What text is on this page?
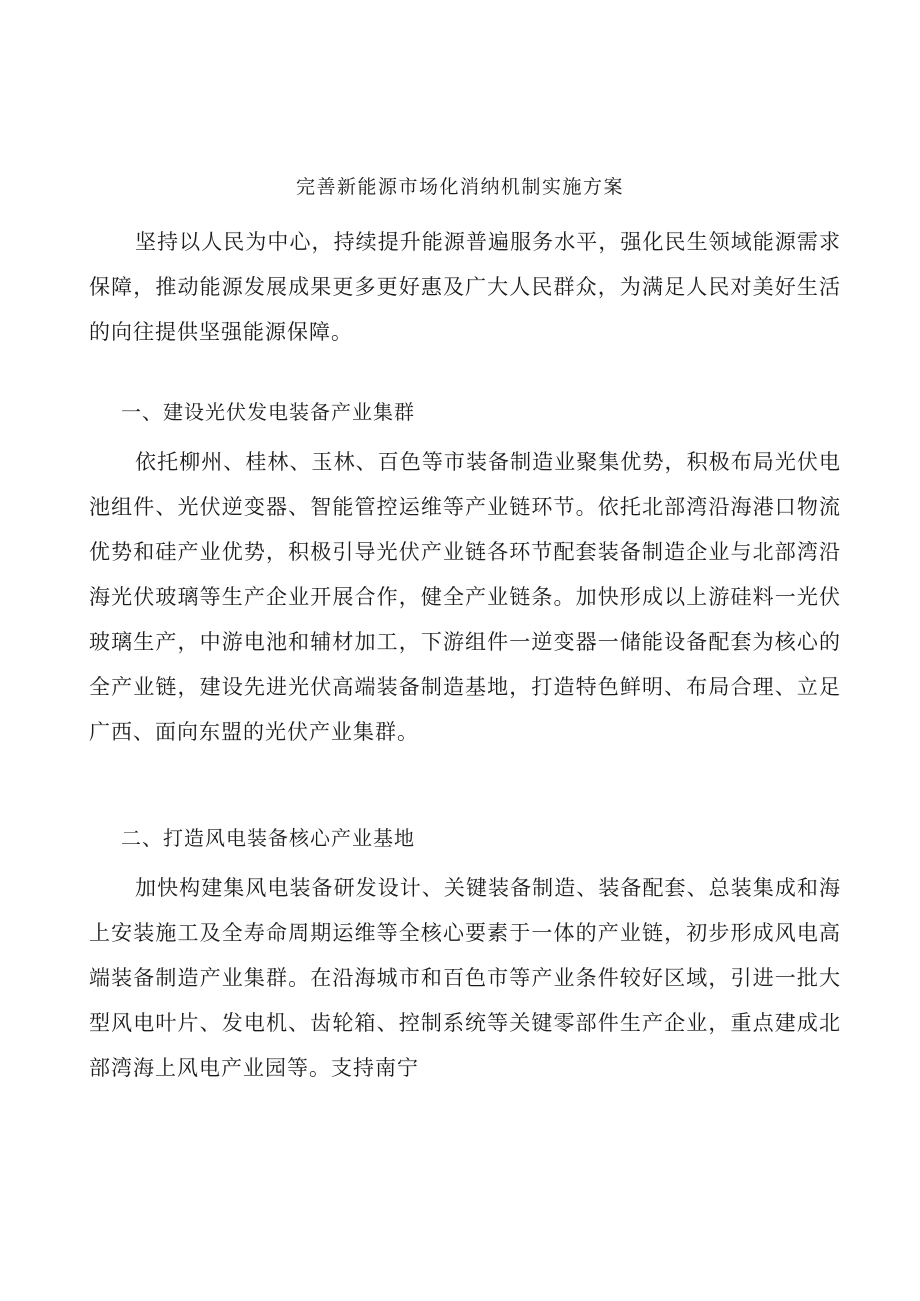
完善新能源市场化消纳机制实施方案

坚持以人民为中心，持续提升能源普遍服务水平，强化民生领域能源需求保障，推动能源发展成果更多更好惠及广大人民群众，为满足人民对美好生活的向往提供坚强能源保障。

一、建设光伏发电装备产业集群

依托柳州、桂林、玉林、百色等市装备制造业聚集优势，积极布局光伏电池组件、光伏逆变器、智能管控运维等产业链环节。依托北部湾沿海港口物流优势和硅产业优势，积极引导光伏产业链各环节配套装备制造企业与北部湾沿海光伏玻璃等生产企业开展合作，健全产业链条。加快形成以上游硅料一光伏玻璃生产，中游电池和辅材加工，下游组件一逆变器一储能设备配套为核心的全产业链，建设先进光伏高端装备制造基地，打造特色鲜明、布局合理、立足广西、面向东盟的光伏产业集群。

二、打造风电装备核心产业基地

加快构建集风电装备研发设计、关键装备制造、装备配套、总装集成和海上安装施工及全寿命周期运维等全核心要素于一体的产业链，初步形成风电高端装备制造产业集群。在沿海城市和百色市等产业条件较好区域，引进一批大型风电叶片、发电机、齿轮箱、控制系统等关键零部件生产企业，重点建成北部湾海上风电产业园等。支持南宁
